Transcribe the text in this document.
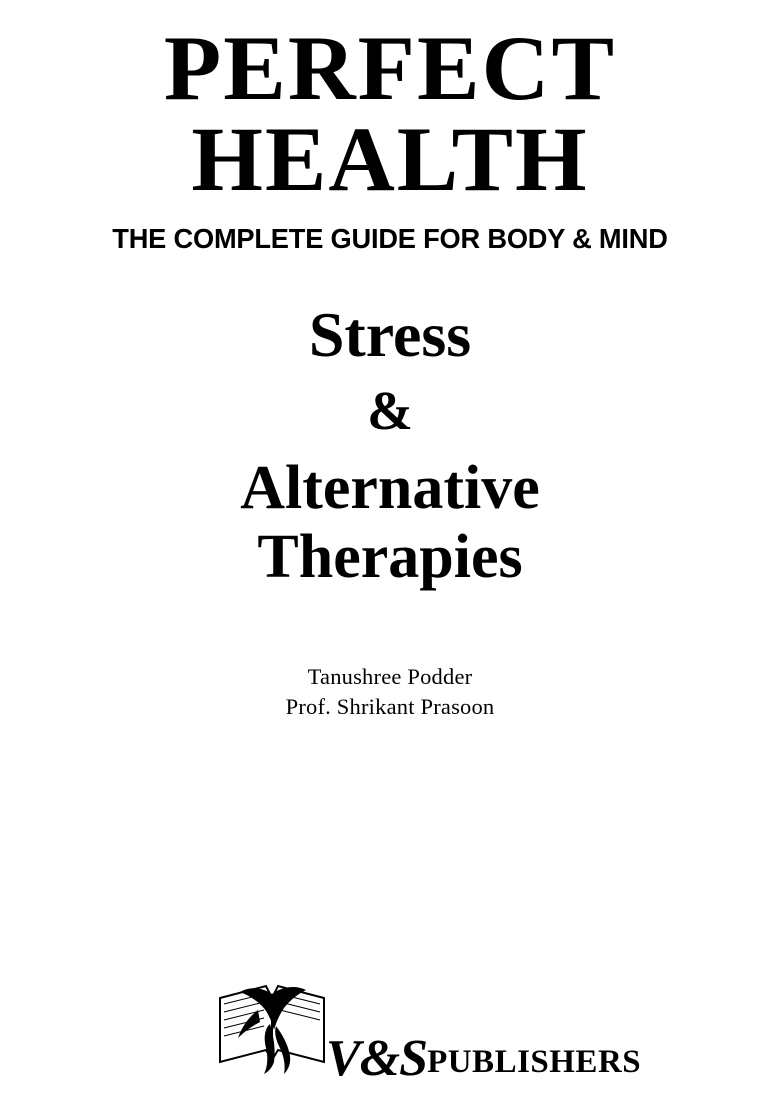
PERFECT
HEALTH
THE COMPLETE GUIDE FOR BODY & MIND
Stress
&
Alternative
Therapies
Tanushree Podder
Prof. Shrikant Prasoon
V&SPUBLISHERS
